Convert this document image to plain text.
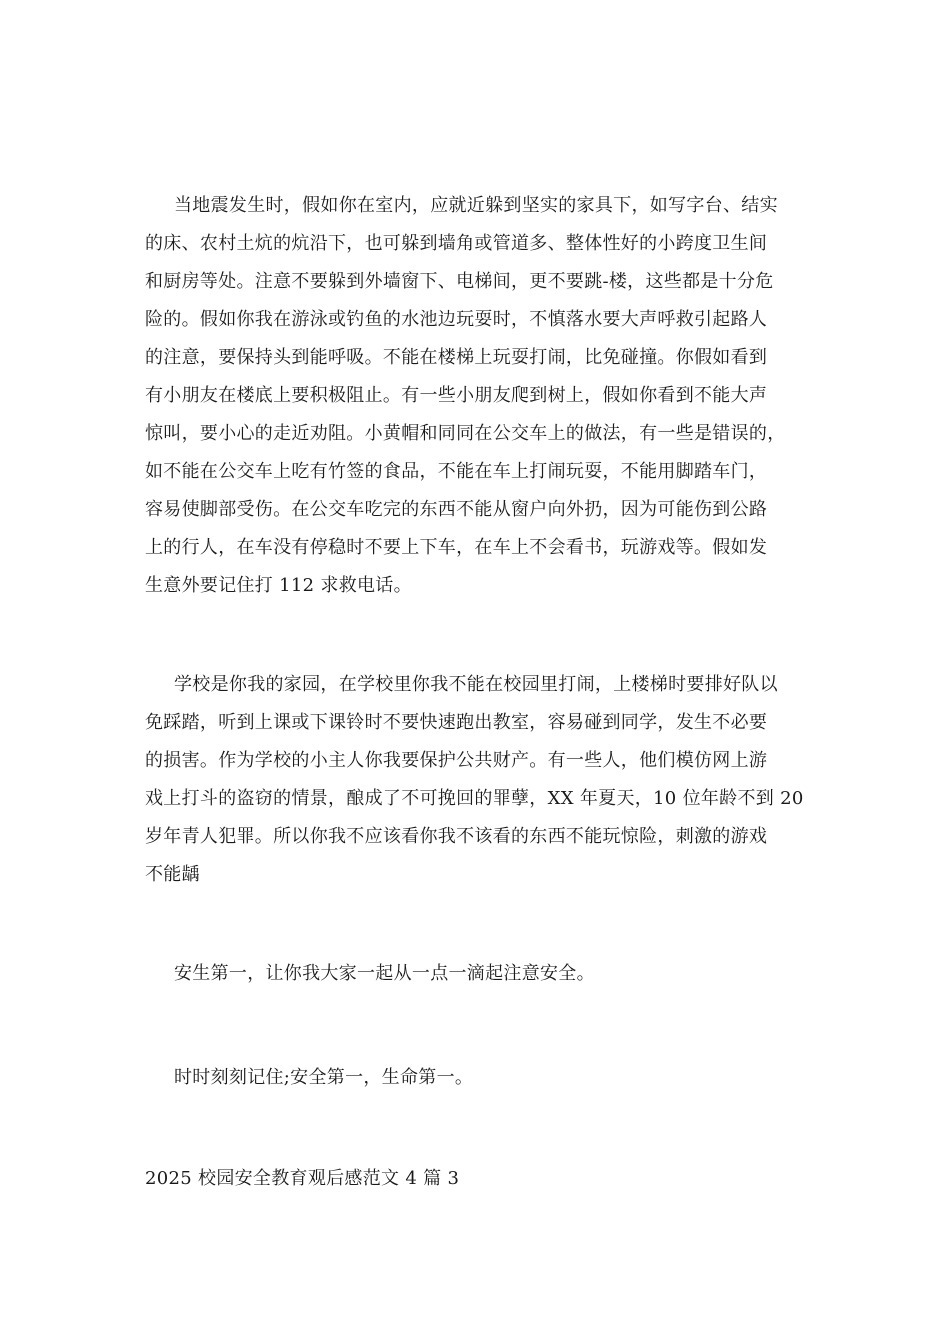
当地震发生时，假如你在室内，应就近躲到坚实的家具下，如写字台、结实
的床、农村土炕的炕沿下，也可躲到墙角或管道多、整体性好的小跨度卫生间
和厨房等处。注意不要躲到外墙窗下、电梯间，更不要跳-楼，这些都是十分危
险的。假如你我在游泳或钓鱼的水池边玩耍时，不慎落水要大声呼救引起路人
的注意，要保持头到能呼吸。不能在楼梯上玩耍打闹，比免碰撞。你假如看到
有小朋友在楼底上要积极阻止。有一些小朋友爬到树上，假如你看到不能大声
惊叫，要小心的走近劝阻。小黄帽和同同在公交车上的做法，有一些是错误的，
如不能在公交车上吃有竹签的食品，不能在车上打闹玩耍，不能用脚踏车门，
容易使脚部受伤。在公交车吃完的东西不能从窗户向外扔，因为可能伤到公路
上的行人，在车没有停稳时不要上下车，在车上不会看书，玩游戏等。假如发
生意外要记住打 112 求救电话。
学校是你我的家园，在学校里你我不能在校园里打闹，上楼梯时要排好队以
免踩踏，听到上课或下课铃时不要快速跑出教室，容易碰到同学，发生不必要
的损害。作为学校的小主人你我要保护公共财产。有一些人，他们模仿网上游
戏上打斗的盗窃的情景，酿成了不可挽回的罪孽，XX 年夏天，10 位年龄不到 20
岁年青人犯罪。所以你我不应该看你我不该看的东西不能玩惊险，刺激的游戏
不能龋
安生第一，让你我大家一起从一点一滴起注意安全。
时时刻刻记住;安全第一，生命第一。
2025 校园安全教育观后感范文 4 篇 3
